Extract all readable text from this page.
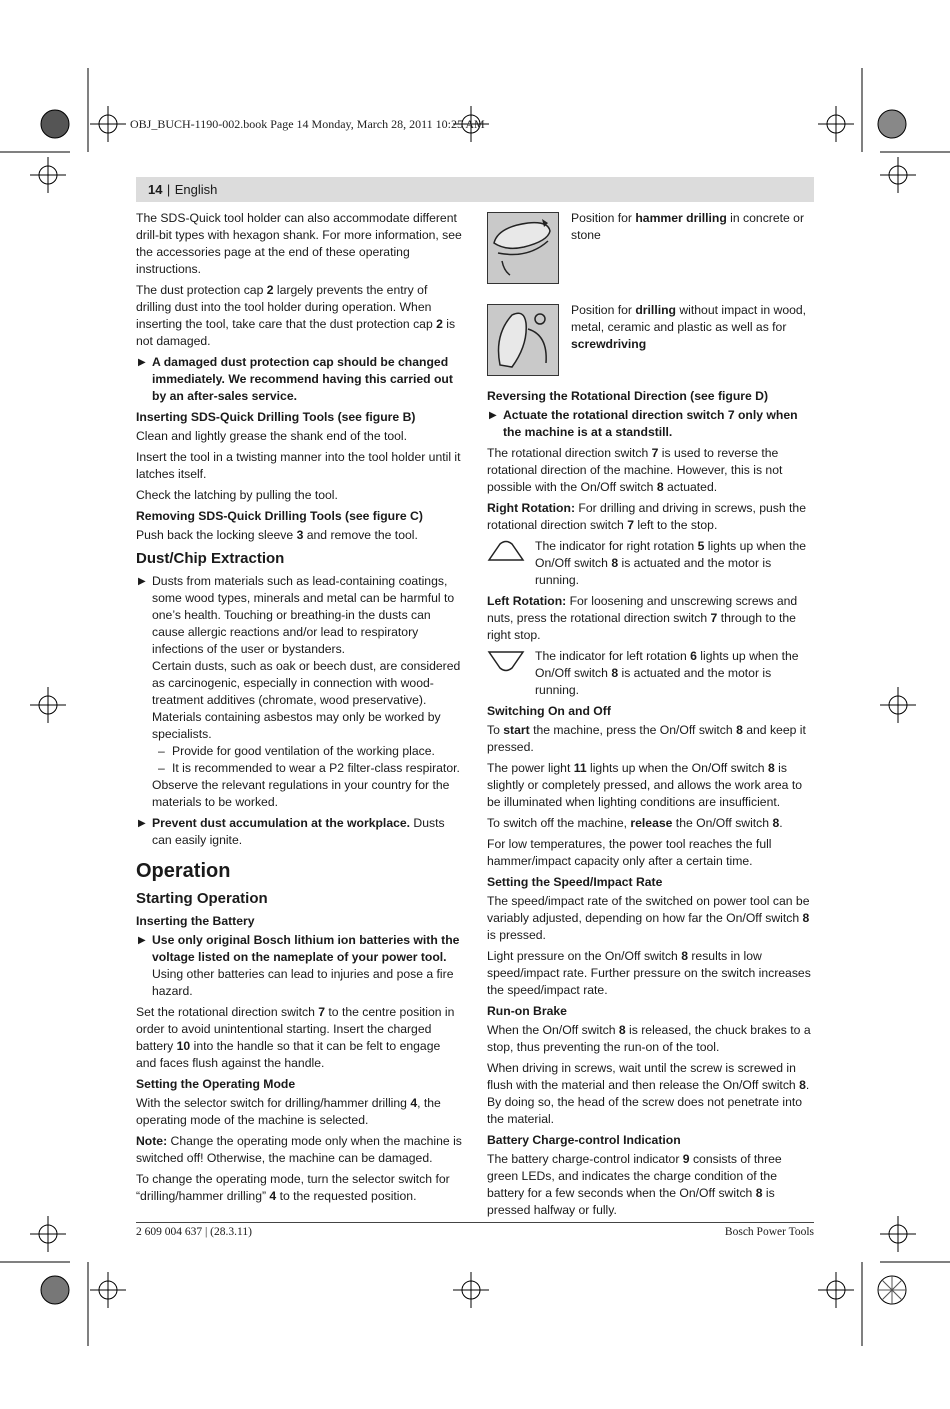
OBJ_BUCH-1190-002.book Page 14 Monday, March 28, 2011 10:25 AM
14 | English

The SDS-Quick tool holder can also accommodate different drill-bit types with hexagon shank. For more information, see the accessories page at the end of these operating instructions.

The dust protection cap 2 largely prevents the entry of drilling dust into the tool holder during operation. When inserting the tool, take care that the dust protection cap 2 is not damaged.

▶ A damaged dust protection cap should be changed immediately. We recommend having this carried out by an after-sales service.
Inserting SDS-Quick Drilling Tools (see figure B)

Clean and lightly grease the shank end of the tool.

Insert the tool in a twisting manner into the tool holder until it latches itself.

Check the latching by pulling the tool.

Removing SDS-Quick Drilling Tools (see figure C)

Push back the locking sleeve 3 and remove the tool.

Dust/Chip Extraction
▶ Dusts from materials such as lead-containing coatings, some wood types, minerals and metal can be harmful to one’s health. Touching or breathing-in the dusts can cause allergic reactions and/or lead to respiratory infections of the user or bystanders.
Certain dusts, such as oak or beech dust, are considered as carcinogenic, especially in connection with wood-treatment additives (chromate, wood preservative). Materials containing asbestos may only be worked by specialists.
– Provide for good ventilation of the working place.
– It is recommended to wear a P2 filter-class respirator.
Observe the relevant regulations in your country for the materials to be worked.
▶ Prevent dust accumulation at the workplace. Dusts can easily ignite.
Operation
Starting Operation
Inserting the Battery
▶ Use only original Bosch lithium ion batteries with the voltage listed on the nameplate of your power tool. Using other batteries can lead to injuries and pose a fire hazard.

Set the rotational direction switch 7 to the centre position in order to avoid unintentional starting. Insert the charged battery 10 into the handle so that it can be felt to engage and faces flush against the handle.

Setting the Operating Mode

With the selector switch for drilling/hammer drilling 4, the operating mode of the machine is selected.

Note: Change the operating mode only when the machine is switched off! Otherwise, the machine can be damaged.

To change the operating mode, turn the selector switch for “drilling/hammer drilling” 4 to the requested position.

Position for hammer drilling in concrete or stone
Position for drilling without impact in wood, metal, ceramic and plastic as well as for screwdriving
Reversing the Rotational Direction (see figure D)
▶ Actuate the rotational direction switch 7 only when the machine is at a standstill.

The rotational direction switch 7 is used to reverse the rotational direction of the machine. However, this is not possible with the On/Off switch 8 actuated.

Right Rotation: For drilling and driving in screws, push the rotational direction switch 7 left to the stop.

The indicator for right rotation 5 lights up when the On/Off switch 8 is actuated and the motor is running.

Left Rotation: For loosening and unscrewing screws and nuts, press the rotational direction switch 7 through to the right stop.

The indicator for left rotation 6 lights up when the On/Off switch 8 is actuated and the motor is running.
Switching On and Off

To start the machine, press the On/Off switch 8 and keep it pressed.

The power light 11 lights up when the On/Off switch 8 is slightly or completely pressed, and allows the work area to be illuminated when lighting conditions are insufficient.

To switch off the machine, release the On/Off switch 8.

For low temperatures, the power tool reaches the full hammer/impact capacity only after a certain time.

Setting the Speed/Impact Rate

The speed/impact rate of the switched on power tool can be variably adjusted, depending on how far the On/Off switch 8 is pressed.

Light pressure on the On/Off switch 8 results in low speed/impact rate. Further pressure on the switch increases the speed/impact rate.

Run-on Brake

When the On/Off switch 8 is released, the chuck brakes to a stop, thus preventing the run-on of the tool.

When driving in screws, wait until the screw is screwed in flush with the material and then release the On/Off switch 8. By doing so, the head of the screw does not penetrate into the material.

Battery Charge-control Indication

The battery charge-control indicator 9 consists of three green LEDs, and indicates the charge condition of the battery for a few seconds when the On/Off switch 8 is pressed halfway or fully.

2 609 004 637 | (28.3.11)	Bosch Power Tools
